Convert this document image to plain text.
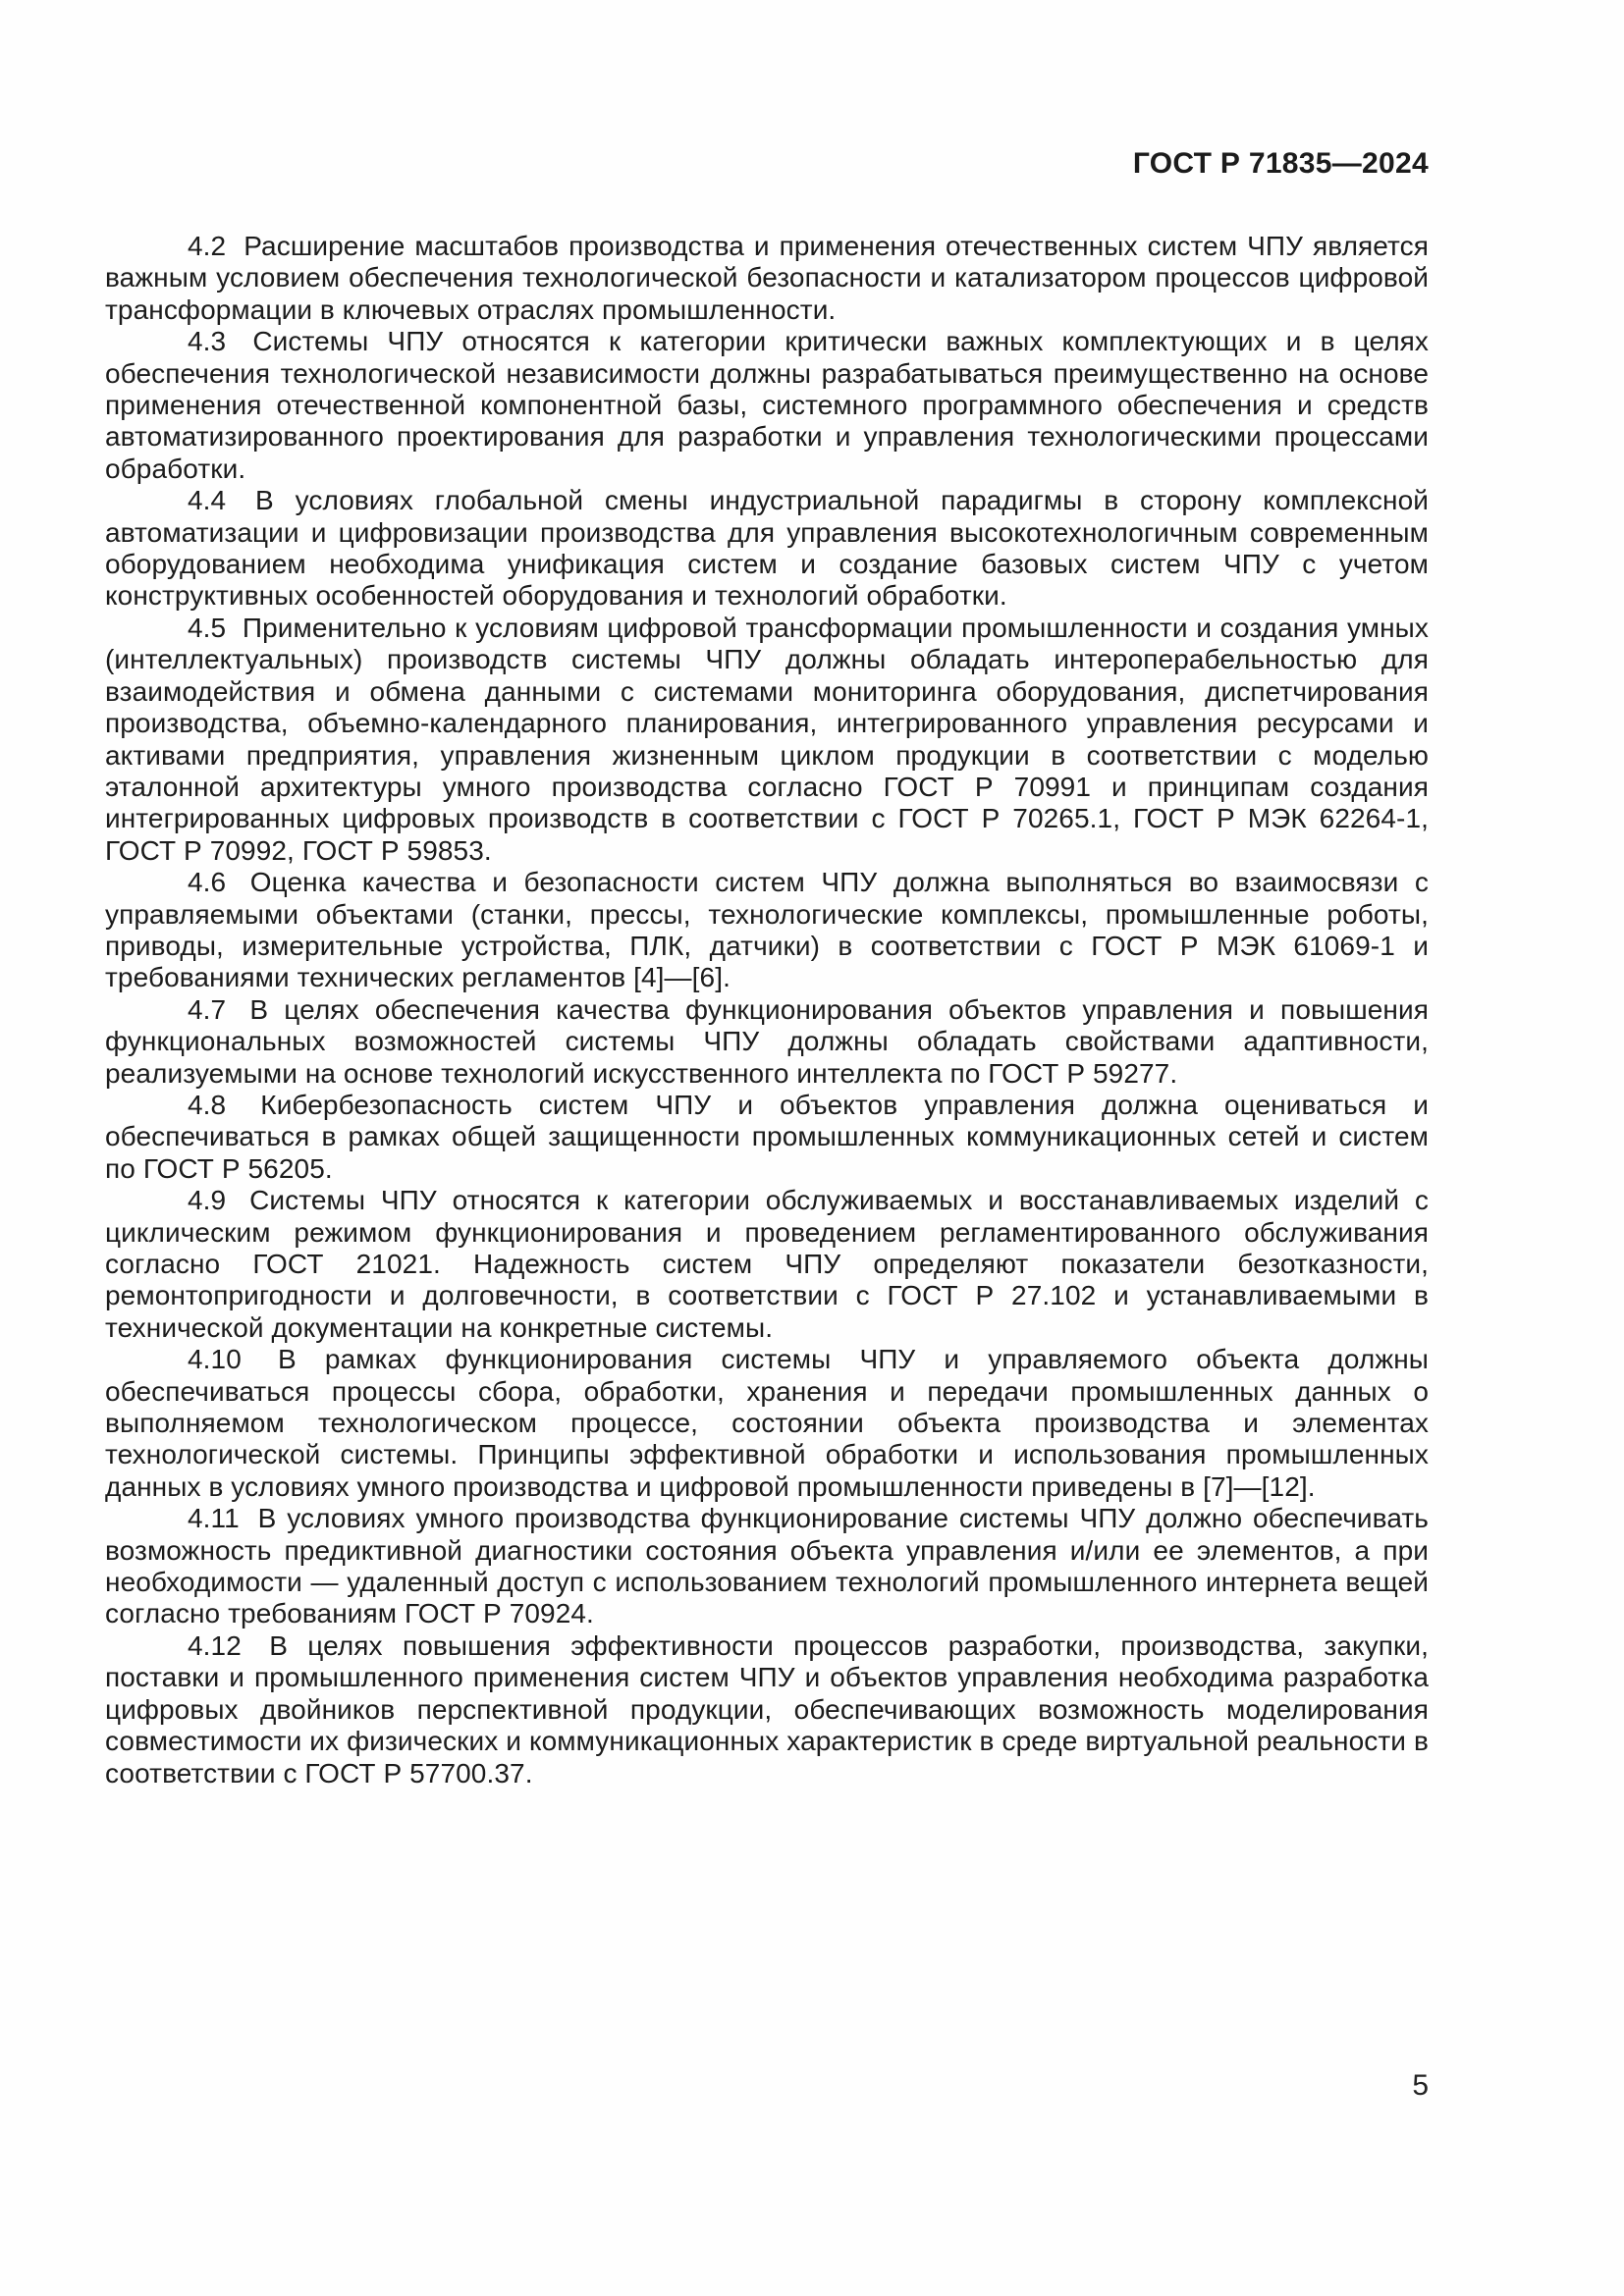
ГОСТ Р 71835—2024

4.2 Расширение масштабов производства и применения отечественных систем ЧПУ является важным условием обеспечения технологической безопасности и катализатором процессов цифровой трансформации в ключевых отраслях промышленности.

4.3 Системы ЧПУ относятся к категории критически важных комплектующих и в целях обеспечения технологической независимости должны разрабатываться преимущественно на основе применения отечественной компонентной базы, системного программного обеспечения и средств автоматизированного проектирования для разработки и управления технологическими процессами обработки.

4.4 В условиях глобальной смены индустриальной парадигмы в сторону комплексной автоматизации и цифровизации производства для управления высокотехнологичным современным оборудованием необходима унификация систем и создание базовых систем ЧПУ с учетом конструктивных особенностей оборудования и технологий обработки.

4.5 Применительно к условиям цифровой трансформации промышленности и создания умных (интеллектуальных) производств системы ЧПУ должны обладать интероперабельностью для взаимодействия и обмена данными с системами мониторинга оборудования, диспетчирования производства, объемно-календарного планирования, интегрированного управления ресурсами и активами предприятия, управления жизненным циклом продукции в соответствии с моделью эталонной архитектуры умного производства согласно ГОСТ Р 70991 и принципам создания интегрированных цифровых производств в соответствии с ГОСТ Р 70265.1, ГОСТ Р МЭК 62264-1, ГОСТ Р 70992, ГОСТ Р 59853.

4.6 Оценка качества и безопасности систем ЧПУ должна выполняться во взаимосвязи с управляемыми объектами (станки, прессы, технологические комплексы, промышленные роботы, приводы, измерительные устройства, ПЛК, датчики) в соответствии с ГОСТ Р МЭК 61069-1 и требованиями технических регламентов [4]—[6].

4.7 В целях обеспечения качества функционирования объектов управления и повышения функциональных возможностей системы ЧПУ должны обладать свойствами адаптивности, реализуемыми на основе технологий искусственного интеллекта по ГОСТ Р 59277.

4.8 Кибербезопасность систем ЧПУ и объектов управления должна оцениваться и обеспечиваться в рамках общей защищенности промышленных коммуникационных сетей и систем по ГОСТ Р 56205.

4.9 Системы ЧПУ относятся к категории обслуживаемых и восстанавливаемых изделий с циклическим режимом функционирования и проведением регламентированного обслуживания согласно ГОСТ 21021. Надежность систем ЧПУ определяют показатели безотказности, ремонтопригодности и долговечности, в соответствии с ГОСТ Р 27.102 и устанавливаемыми в технической документации на конкретные системы.

4.10 В рамках функционирования системы ЧПУ и управляемого объекта должны обеспечиваться процессы сбора, обработки, хранения и передачи промышленных данных о выполняемом технологическом процессе, состоянии объекта производства и элементах технологической системы. Принципы эффективной обработки и использования промышленных данных в условиях умного производства и цифровой промышленности приведены в [7]—[12].

4.11 В условиях умного производства функционирование системы ЧПУ должно обеспечивать возможность предиктивной диагностики состояния объекта управления и/или ее элементов, а при необходимости — удаленный доступ с использованием технологий промышленного интернета вещей согласно требованиям ГОСТ Р 70924.

4.12 В целях повышения эффективности процессов разработки, производства, закупки, поставки и промышленного применения систем ЧПУ и объектов управления необходима разработка цифровых двойников перспективной продукции, обеспечивающих возможность моделирования совместимости их физических и коммуникационных характеристик в среде виртуальной реальности в соответствии с ГОСТ Р 57700.37.

5
